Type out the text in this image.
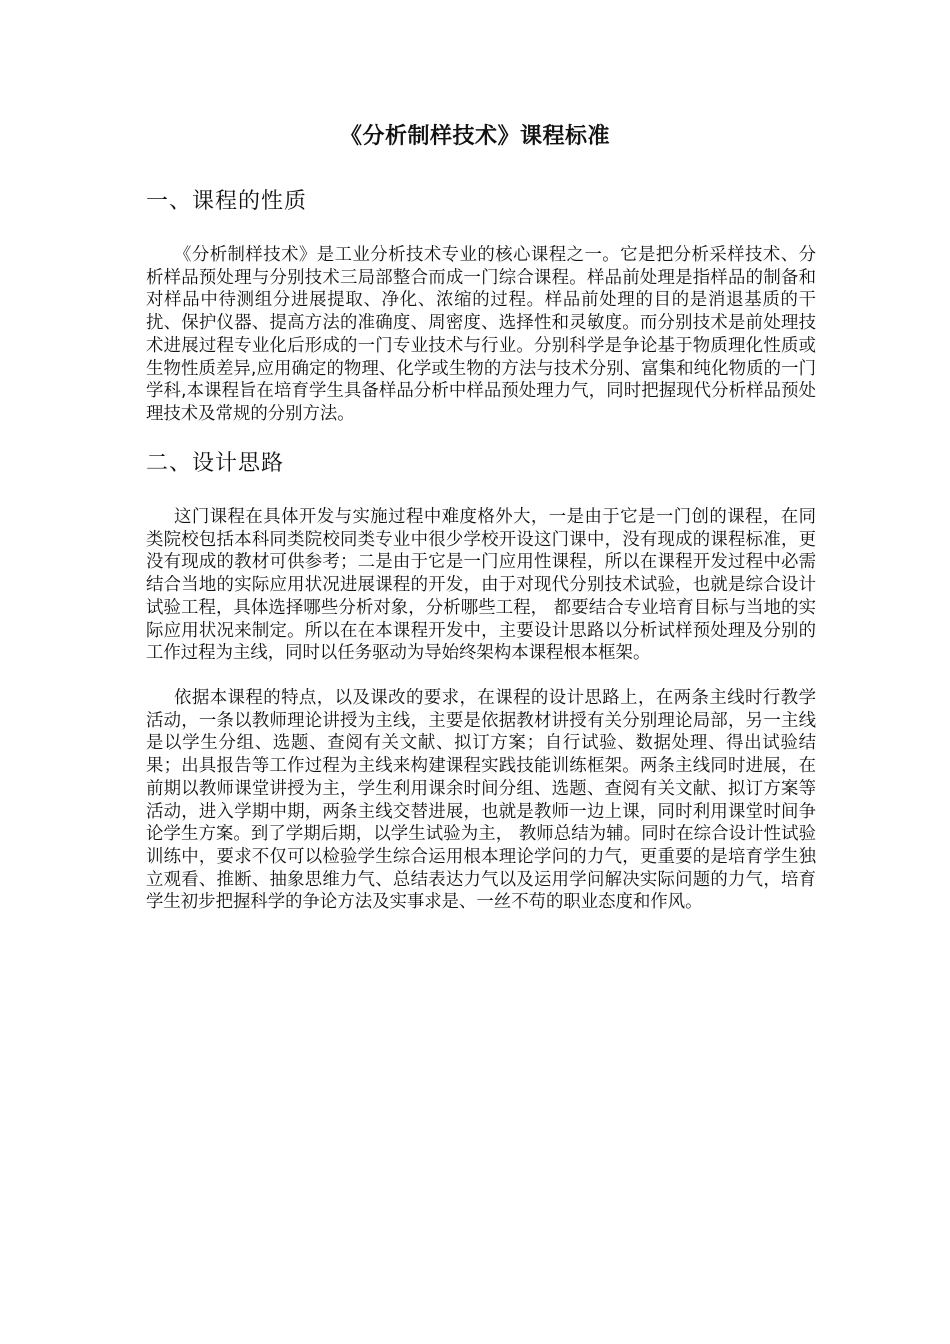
《分析制样技术》课程标准
一、课程的性质

《分析制样技术》是工业分析技术专业的核心课程之一。它是把分析采样技术、分析样品预处理与分别技术三局部整合而成一门综合课程。样品前处理是指样品的制备和对样品中待测组分进展提取、净化、浓缩的过程。样品前处理的目的是消退基质的干扰、保护仪器、提高方法的准确度、周密度、选择性和灵敏度。而分别技术是前处理技术进展过程专业化后形成的一门专业技术与行业。分别科学是争论基于物质理化性质或生物性质差异,应用确定的物理、化学或生物的方法与技术分别、富集和纯化物质的一门学科,本课程旨在培育学生具备样品分析中样品预处理力气，同时把握现代分析样品预处理技术及常规的分别方法。

二、设计思路

这门课程在具体开发与实施过程中难度格外大，一是由于它是一门创的课程，在同类院校包括本科同类院校同类专业中很少学校开设这门课中，没有现成的课程标准，更没有现成的教材可供参考；二是由于它是一门应用性课程，所以在课程开发过程中必需结合当地的实际应用状况进展课程的开发，由于对现代分别技术试验，也就是综合设计试验工程，具体选择哪些分析对象，分析哪些工程， 都要结合专业培育目标与当地的实际应用状况来制定。所以在在本课程开发中，主要设计思路以分析试样预处理及分别的工作过程为主线，同时以任务驱动为导始终架构本课程根本框架。

依据本课程的特点，以及课改的要求，在课程的设计思路上，在两条主线时行教学活动，一条以教师理论讲授为主线，主要是依据教材讲授有关分别理论局部，另一主线是以学生分组、选题、查阅有关文献、拟订方案；自行试验、数据处理、得出试验结果；出具报告等工作过程为主线来构建课程实践技能训练框架。两条主线同时进展，在前期以教师课堂讲授为主，学生利用课余时间分组、选题、查阅有关文献、拟订方案等活动，进入学期中期，两条主线交替进展，也就是教师一边上课，同时利用课堂时间争论学生方案。到了学期后期，以学生试验为主， 教师总结为辅。同时在综合设计性试验训练中，要求不仅可以检验学生综合运用根本理论学问的力气，更重要的是培育学生独立观看、推断、抽象思维力气、总结表达力气以及运用学问解决实际问题的力气，培育学生初步把握科学的争论方法及实事求是、一丝不苟的职业态度和作风。
